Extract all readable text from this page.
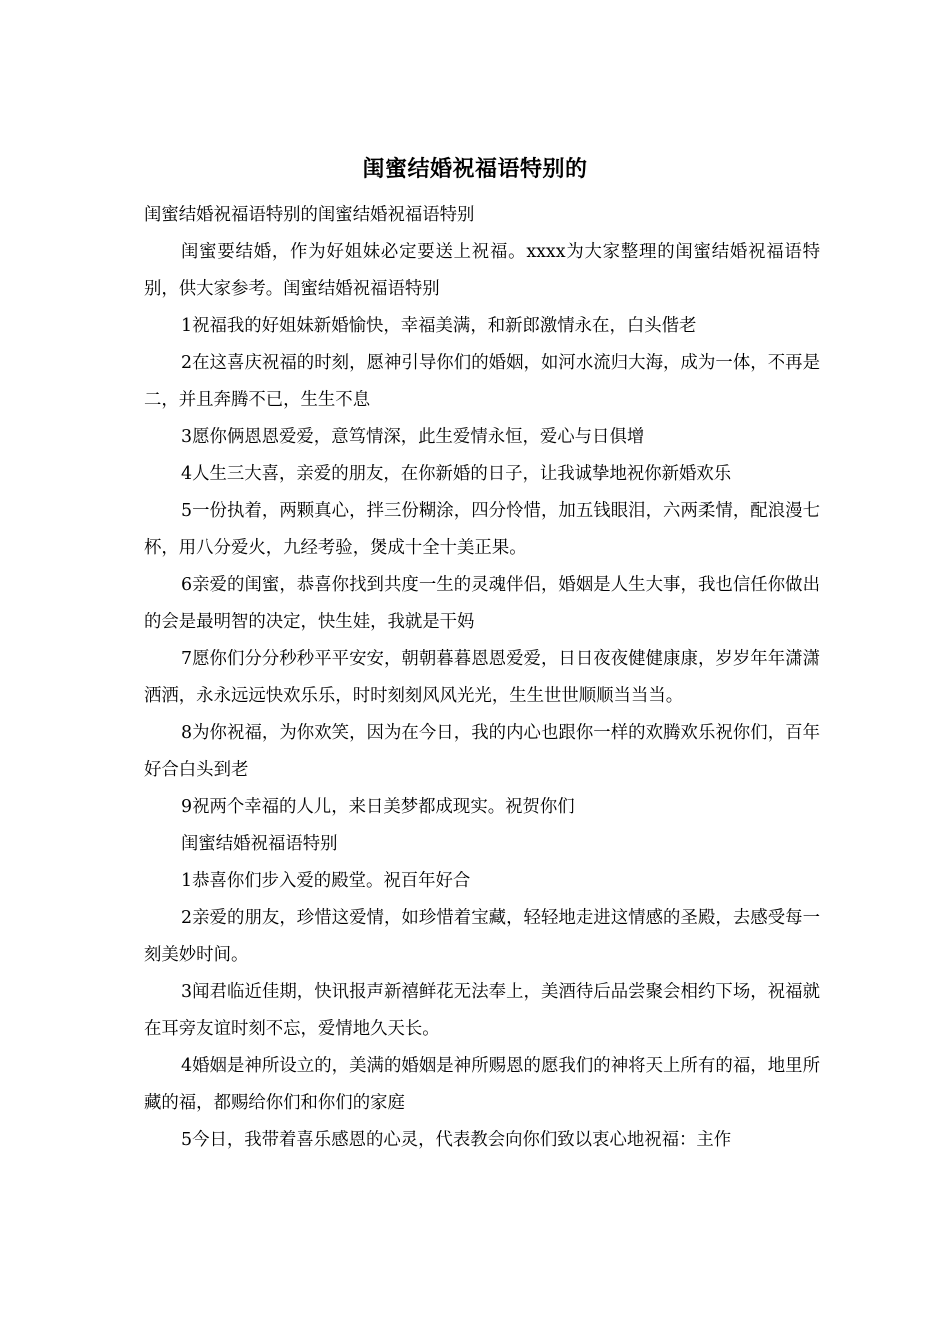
闺蜜结婚祝福语特别的

闺蜜结婚祝福语特别的闺蜜结婚祝福语特别

闺蜜要结婚，作为好姐妹必定要送上祝福。xxxx为大家整理的闺蜜结婚祝福语特别，供大家参考。闺蜜结婚祝福语特别

1祝福我的好姐妹新婚愉快，幸福美满，和新郎激情永在，白头偕老

2在这喜庆祝福的时刻，愿神引导你们的婚姻，如河水流归大海，成为一体，不再是二，并且奔腾不已，生生不息

3愿你俩恩恩爱爱，意笃情深，此生爱情永恒，爱心与日俱增

4人生三大喜，亲爱的朋友，在你新婚的日子，让我诚挚地祝你新婚欢乐

5一份执着，两颗真心，拌三份糊涂，四分怜惜，加五钱眼泪，六两柔情，配浪漫七杯，用八分爱火，九经考验，煲成十全十美正果。

6亲爱的闺蜜，恭喜你找到共度一生的灵魂伴侣，婚姻是人生大事，我也信任你做出的会是最明智的决定，快生娃，我就是干妈

7愿你们分分秒秒平平安安，朝朝暮暮恩恩爱爱，日日夜夜健健康康，岁岁年年潇潇洒洒，永永远远快欢乐乐，时时刻刻风风光光，生生世世顺顺当当当。

8为你祝福，为你欢笑，因为在今日，我的内心也跟你一样的欢腾欢乐祝你们，百年好合白头到老

9祝两个幸福的人儿，来日美梦都成现实。祝贺你们

闺蜜结婚祝福语特别

1恭喜你们步入爱的殿堂。祝百年好合

2亲爱的朋友，珍惜这爱情，如珍惜着宝藏，轻轻地走进这情感的圣殿，去感受每一刻美妙时间。

3闻君临近佳期，快讯报声新禧鲜花无法奉上，美酒待后品尝聚会相约下场，祝福就在耳旁友谊时刻不忘，爱情地久天长。

4婚姻是神所设立的，美满的婚姻是神所赐恩的愿我们的神将天上所有的福，地里所藏的福，都赐给你们和你们的家庭

5今日，我带着喜乐感恩的心灵，代表教会向你们致以衷心地祝福：主作
